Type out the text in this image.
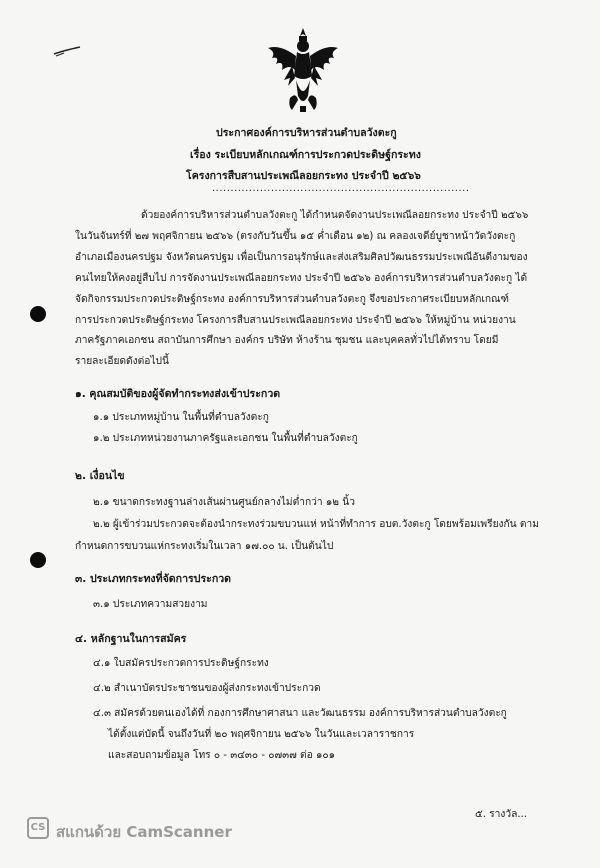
ประกาศองค์การบริหารส่วนตำบลวังตะกู
เรื่อง ระเบียบหลักเกณฑ์การประกวดประดิษฐ์กระทง
โครงการสืบสานประเพณีลอยกระทง ประจำปี ๒๕๖๖
......................................................................
ด้วยองค์การบริหารส่วนตำบลวังตะกู ได้กำหนดจัดงานประเพณีลอยกระทง ประจำปี ๒๕๖๖
ในวันจันทร์ที่ ๒๗ พฤศจิกายน ๒๕๖๖ (ตรงกับวันขึ้น ๑๕ ค่ำเดือน ๑๒) ณ คลองเจดีย์บูชาหน้าวัดวังตะกู
อำเภอเมืองนครปฐม จังหวัดนครปฐม เพื่อเป็นการอนุรักษ์และส่งเสริมศิลปวัฒนธรรมประเพณีอันดีงามของ
คนไทยให้คงอยู่สืบไป การจัดงานประเพณีลอยกระทง ประจำปี ๒๕๖๖ องค์การบริหารส่วนตำบลวังตะกู ได้
จัดกิจกรรมประกวดประดิษฐ์กระทง องค์การบริหารส่วนตำบลวังตะกู จึงขอประกาศระเบียบหลักเกณฑ์
การประกวดประดิษฐ์กระทง โครงการสืบสานประเพณีลอยกระทง ประจำปี ๒๕๖๖ ให้หมู่บ้าน หน่วยงาน
ภาครัฐภาคเอกชน สถาบันการศึกษา องค์กร บริษัท ห้างร้าน ชุมชน และบุคคลทั่วไปได้ทราบ โดยมี
รายละเอียดดังต่อไปนี้
๑. คุณสมบัติของผู้จัดทำกระทงส่งเข้าประกวด
๑.๑ ประเภทหมู่บ้าน ในพื้นที่ตำบลวังตะกู
๑.๒ ประเภทหน่วยงานภาครัฐและเอกชน ในพื้นที่ตำบลวังตะกู
๒. เงื่อนไข
๒.๑ ขนาดกระทงฐานล่างเส้นผ่านศูนย์กลางไม่ต่ำกว่า ๑๒ นิ้ว
๒.๒ ผู้เข้าร่วมประกวดจะต้องนำกระทงร่วมขบวนแห่ หน้าที่ทำการ อบต.วังตะกู โดยพร้อมเพรียงกัน ตาม
กำหนดการขบวนแห่กระทงเริ่มในเวลา ๑๗.๐๐ น. เป็นต้นไป
๓. ประเภทกระทงที่จัดการประกวด
๓.๑ ประเภทความสวยงาม
๔. หลักฐานในการสมัคร
๔.๑ ใบสมัครประกวดการประดิษฐ์กระทง
๔.๒ สำเนาบัตรประชาชนของผู้ส่งกระทงเข้าประกวด
๔.๓ สมัครด้วยตนเองได้ที่ กองการศึกษาศาสนา และวัฒนธรรม องค์การบริหารส่วนตำบลวังตะกู
ได้ตั้งแต่บัดนี้ จนถึงวันที่ ๒๐ พฤศจิกายน ๒๕๖๖ ในวันและเวลาราชการ
และสอบถามข้อมูล โทร ๐ - ๓๔๓๐ - ๐๗๓๗ ต่อ ๑๐๑
๕. รางวัล...
CS สแกนด้วย CamScanner
